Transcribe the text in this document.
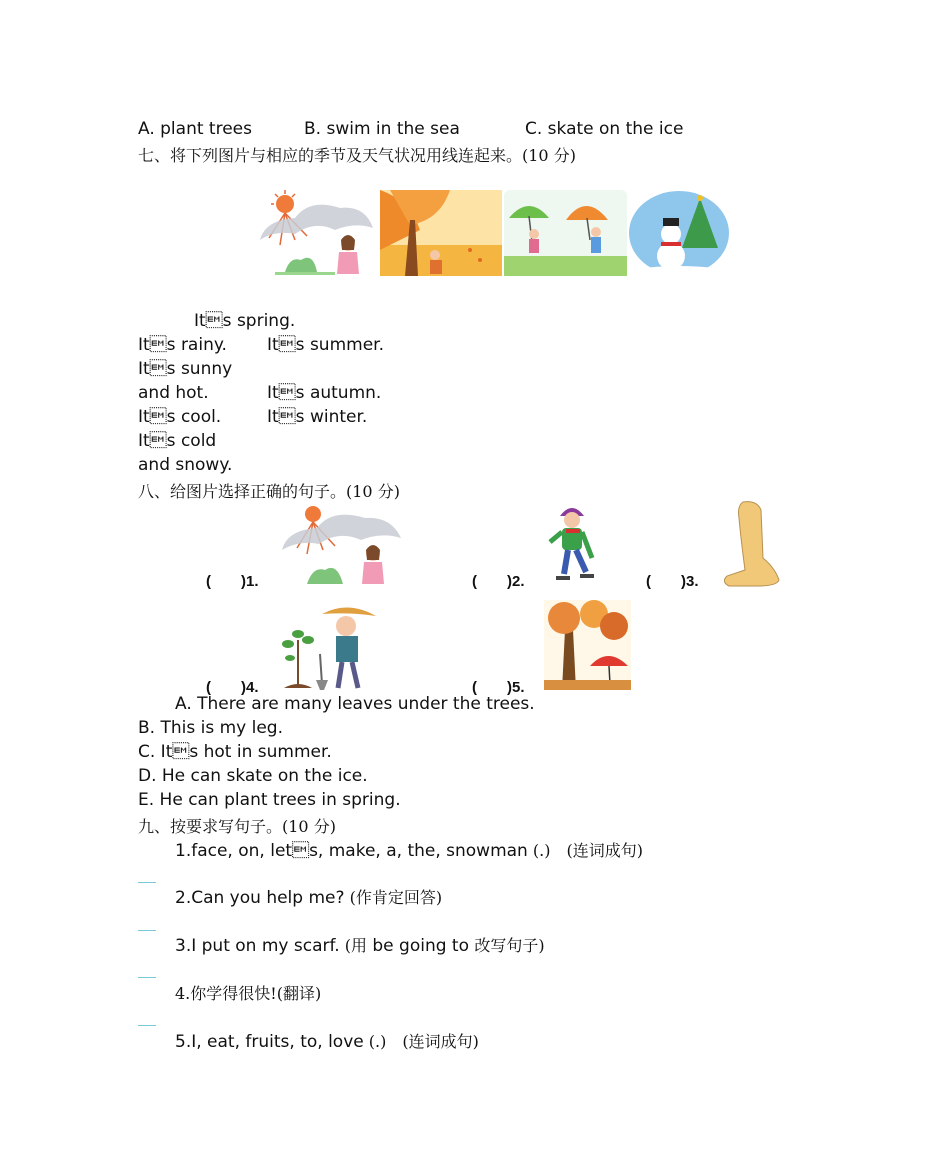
A. plant trees	B. swim in the sea	C. skate on the ice
七、将下列图片与相应的季节及天气状况用线连起来。(10 分)
Its spring.
Its rainy. Its summer.
Its sunny
and hot.	Its autumn.
Its cool.	Its winter.
Its cold
and snowy.
八、给图片选择正确的句子。(10 分)
(　　)1.	(　　)2.	(　　)3.
(　　)4.	(　　)5.
A. There are many leaves under the trees.
B. This is my leg.
C. Its hot in summer.
D. He can skate on the ice.
E. He can plant trees in spring.
九、按要求写句子。(10 分)
1.face, on, lets, make, a, the, snowman (.)　(连词成句)
2.Can you help me? (作肯定回答)
3.I put on my scarf. (用 be going to 改写句子)
4.你学得很快!(翻译)
5.I, eat, fruits, to, love (.)　(连词成句)
